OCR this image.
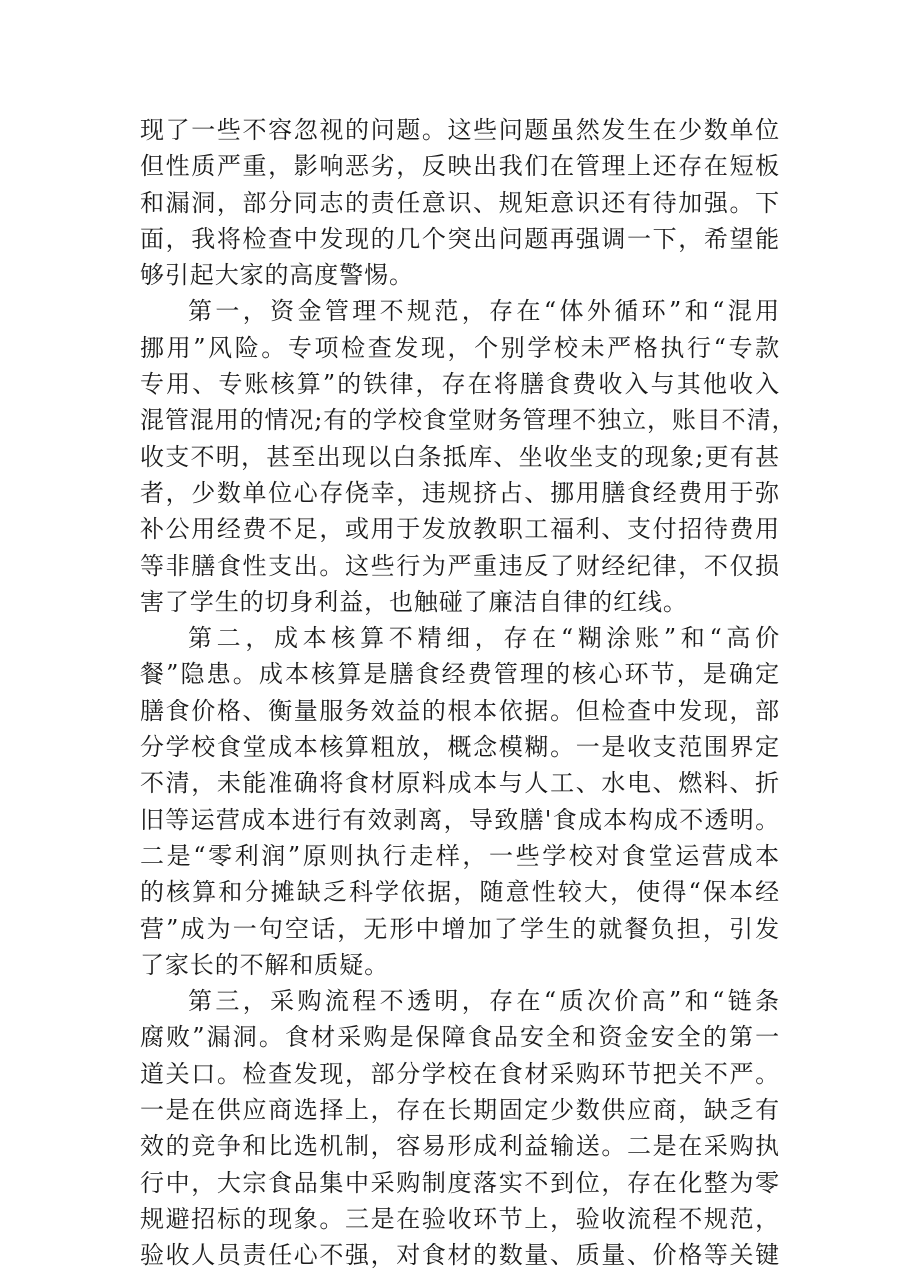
现了一些不容忽视的问题。这些问题虽然发生在少数单位
但性质严重，影响恶劣，反映出我们在管理上还存在短板
和漏洞，部分同志的责任意识、规矩意识还有待加强。下
面，我将检查中发现的几个突出问题再强调一下，希望能
够引起大家的高度警惕。
第一，资金管理不规范，存在“体外循环”和“混用
挪用”风险。专项检查发现，个别学校未严格执行“专款
专用、专账核算”的铁律，存在将膳食费收入与其他收入
混管混用的情况;有的学校食堂财务管理不独立，账目不清，
收支不明，甚至出现以白条抵库、坐收坐支的现象;更有甚
者，少数单位心存侥幸，违规挤占、挪用膳食经费用于弥
补公用经费不足，或用于发放教职工福利、支付招待费用
等非膳食性支出。这些行为严重违反了财经纪律，不仅损
害了学生的切身利益，也触碰了廉洁自律的红线。
第二，成本核算不精细，存在“糊涂账”和“高价
餐”隐患。成本核算是膳食经费管理的核心环节，是确定
膳食价格、衡量服务效益的根本依据。但检查中发现，部
分学校食堂成本核算粗放，概念模糊。一是收支范围界定
不清，未能准确将食材原料成本与人工、水电、燃料、折
旧等运营成本进行有效剥离，导致膳'食成本构成不透明。
二是“零利润”原则执行走样，一些学校对食堂运营成本
的核算和分摊缺乏科学依据，随意性较大，使得“保本经
营”成为一句空话，无形中增加了学生的就餐负担，引发
了家长的不解和质疑。
第三，采购流程不透明，存在“质次价高”和“链条
腐败”漏洞。食材采购是保障食品安全和资金安全的第一
道关口。检查发现，部分学校在食材采购环节把关不严。
一是在供应商选择上，存在长期固定少数供应商，缺乏有
效的竞争和比选机制，容易形成利益输送。二是在采购执
行中，大宗食品集中采购制度落实不到位，存在化整为零
规避招标的现象。三是在验收环节上，验收流程不规范，
验收人员责任心不强，对食材的数量、质量、价格等关键
